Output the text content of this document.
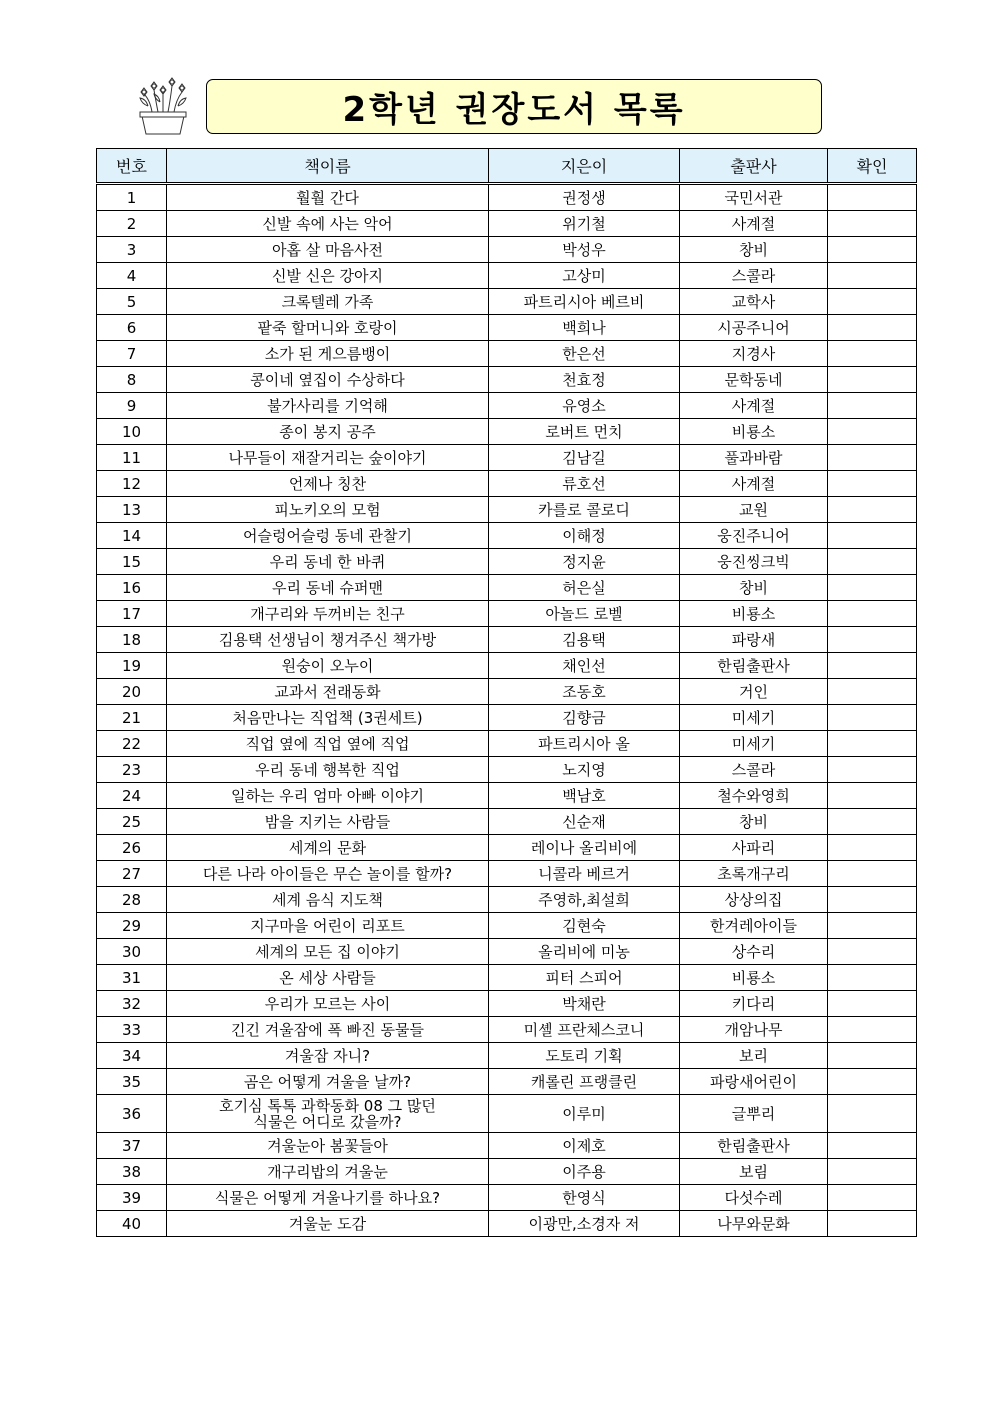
2학년 권장도서 목록
번호	책이름	지은이	출판사	확인
1	훨훨 간다	권정생	국민서관	
2	신발 속에 사는 악어	위기철	사계절	
3	아홉 살 마음사전	박성우	창비	
4	신발 신은 강아지	고상미	스콜라	
5	크록텔레 가족	파트리시아 베르비	교학사	
6	팥죽 할머니와 호랑이	백희나	시공주니어	
7	소가 된 게으름뱅이	한은선	지경사	
8	콩이네 옆집이 수상하다	천효정	문학동네	
9	불가사리를 기억해	유영소	사계절	
10	종이 봉지 공주	로버트 먼치	비룡소	
11	나무들이 재잘거리는 숲이야기	김남길	풀과바람	
12	언제나 칭찬	류호선	사계절	
13	피노키오의 모험	카를로 콜로디	교원	
14	어슬렁어슬렁 동네 관찰기	이해정	웅진주니어	
15	우리 동네 한 바퀴	정지윤	웅진씽크빅	
16	우리 동네 슈퍼맨	허은실	창비	
17	개구리와 두꺼비는 친구	아놀드 로벨	비룡소	
18	김용택 선생님이 챙겨주신 책가방	김용택	파랑새	
19	원숭이 오누이	채인선	한림출판사	
20	교과서 전래동화	조동호	거인	
21	처음만나는 직업책 (3권세트)	김향금	미세기	
22	직업 옆에 직업 옆에 직업	파트리시아 올	미세기	
23	우리 동네 행복한 직업	노지영	스콜라	
24	일하는 우리 엄마 아빠 이야기	백남호	철수와영희	
25	밤을 지키는 사람들	신순재	창비	
26	세계의 문화	레이나 올리비에	사파리	
27	다른 나라 아이들은 무슨 놀이를 할까?	니콜라 베르거	초록개구리	
28	세계 음식 지도책	주영하,최설희	상상의집	
29	지구마을 어린이 리포트	김현숙	한겨레아이들	
30	세계의 모든 집 이야기	올리비에 미농	상수리	
31	온 세상 사람들	피터 스피어	비룡소	
32	우리가 모르는 사이	박채란	키다리	
33	긴긴 겨울잠에 폭 빠진 동물들	미셸 프란체스코니	개암나무	
34	겨울잠 자니?	도토리 기획	보리	
35	곰은 어떻게 겨울을 날까?	캐롤린 프랭클린	파랑새어린이	
36	호기심 톡톡 과학동화 08 그 많던
식물은 어디로 갔을까?	이루미	글뿌리	
37	겨울눈아 봄꽃들아	이제호	한림출판사	
38	개구리밥의 겨울눈	이주용	보림	
39	식물은 어떻게 겨울나기를 하나요?	한영식	다섯수레	
40	겨울눈 도감	이광만,소경자 저	나무와문화	
